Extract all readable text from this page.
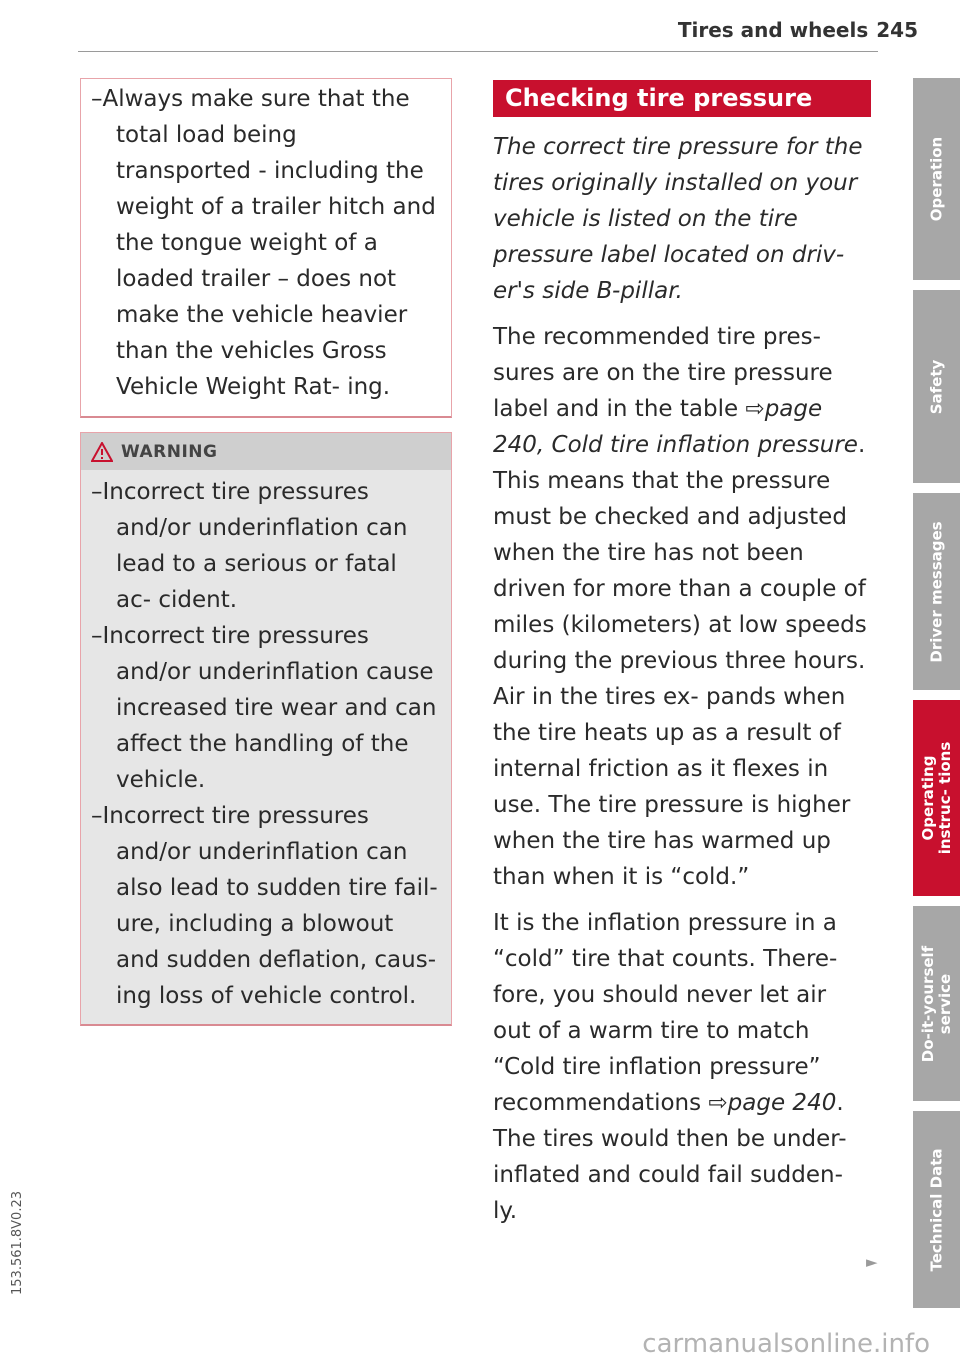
Tires and wheels 245

–Always make sure that the total load being transported - including the weight of a trailer hitch and the tongue weight of a loaded trailer – does not make the vehicle heavier than the vehicles Gross Vehicle Weight Rat- ing.

WARNING

–Incorrect tire pressures and/or underinflation can lead to a serious or fatal ac- cident.

–Incorrect tire pressures and/or underinflation cause increased tire wear and can affect the handling of the vehicle.

–Incorrect tire pressures and/or underinflation can also lead to sudden tire fail- ure, including a blowout and sudden deflation, caus- ing loss of vehicle control.

Checking tire pressure

The correct tire pressure for the tires originally installed on your vehicle is listed on the tire pressure label located on driv- er's side B-pillar.

The recommended tire pres- sures are on the tire pressure label and in the table ⇨page 240, Cold tire inflation pressure. This means that the pressure must be checked and adjusted when the tire has not been driven for more than a couple of miles (kilometers) at low speeds during the previous three hours. Air in the tires ex- pands when the tire heats up as a result of internal friction as it flexes in use. The tire pressure is higher when the tire has warmed up than when it is “cold.”

It is the inflation pressure in a “cold” tire that counts. There- fore, you should never let air out of a warm tire to match “Cold tire inflation pressure” recommendations ⇨page 240. The tires would then be under- inflated and could fail sudden- ly.

►
Operation
Safety
Driver messages
Operating instruc- tions
Do-it-yourself service
Technical Data
153.561.8V0.23
carmanualsonline.info
